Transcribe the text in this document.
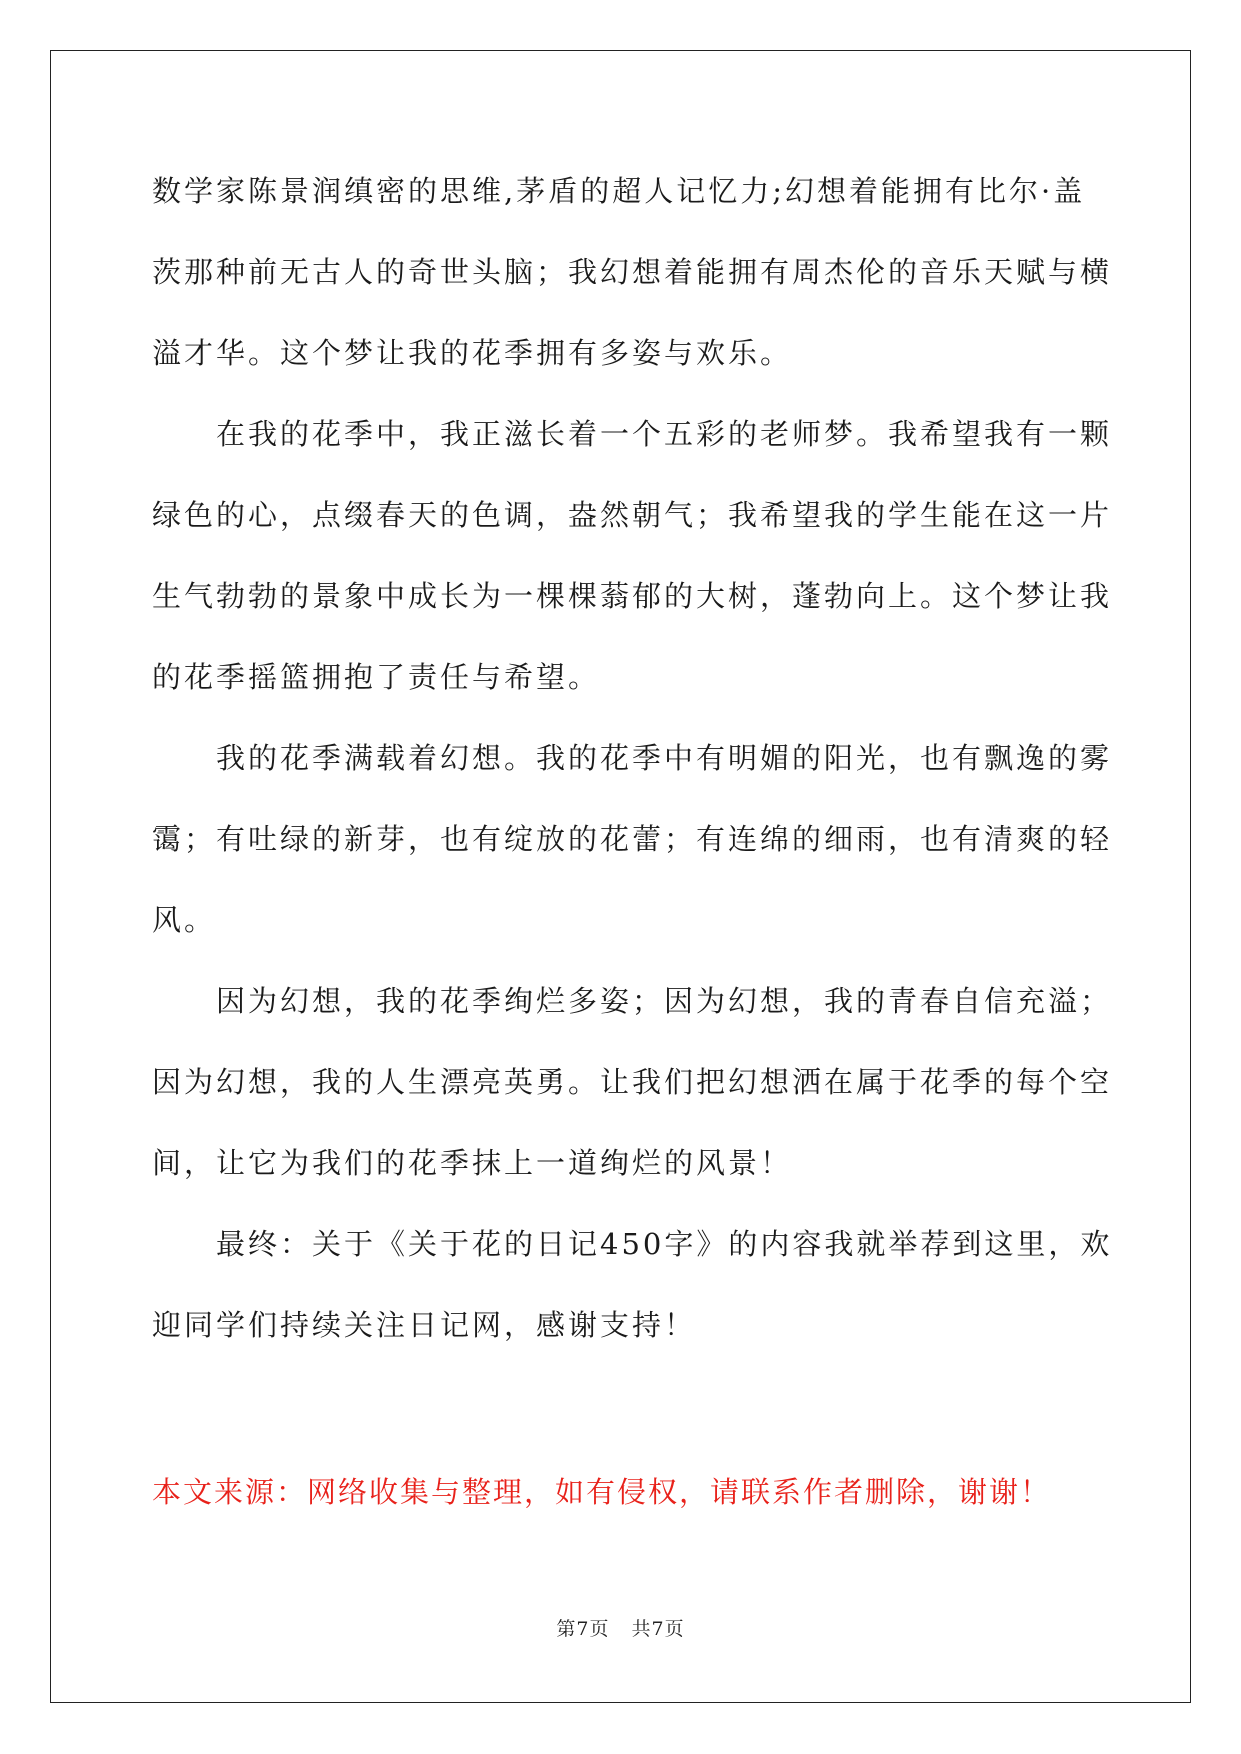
数学家陈景润缜密的思维,茅盾的超人记忆力;幻想着能拥有比尔·盖
茨那种前无古人的奇世头脑；我幻想着能拥有周杰伦的音乐天赋与横
溢才华。这个梦让我的花季拥有多姿与欢乐。
　　在我的花季中，我正滋长着一个五彩的老师梦。我希望我有一颗
绿色的心，点缀春天的色调，盎然朝气；我希望我的学生能在这一片
生气勃勃的景象中成长为一棵棵蓊郁的大树，蓬勃向上。这个梦让我
的花季摇篮拥抱了责任与希望。
　　我的花季满载着幻想。我的花季中有明媚的阳光，也有飘逸的雾
霭；有吐绿的新芽，也有绽放的花蕾；有连绵的细雨，也有清爽的轻
风。
　　因为幻想，我的花季绚烂多姿；因为幻想，我的青春自信充溢；
因为幻想，我的人生漂亮英勇。让我们把幻想洒在属于花季的每个空
间，让它为我们的花季抹上一道绚烂的风景！
　　最终：关于《关于花的日记450字》的内容我就举荐到这里，欢
迎同学们持续关注日记网，感谢支持！
本文来源：网络收集与整理，如有侵权，请联系作者删除，谢谢！
第7页 共7页
